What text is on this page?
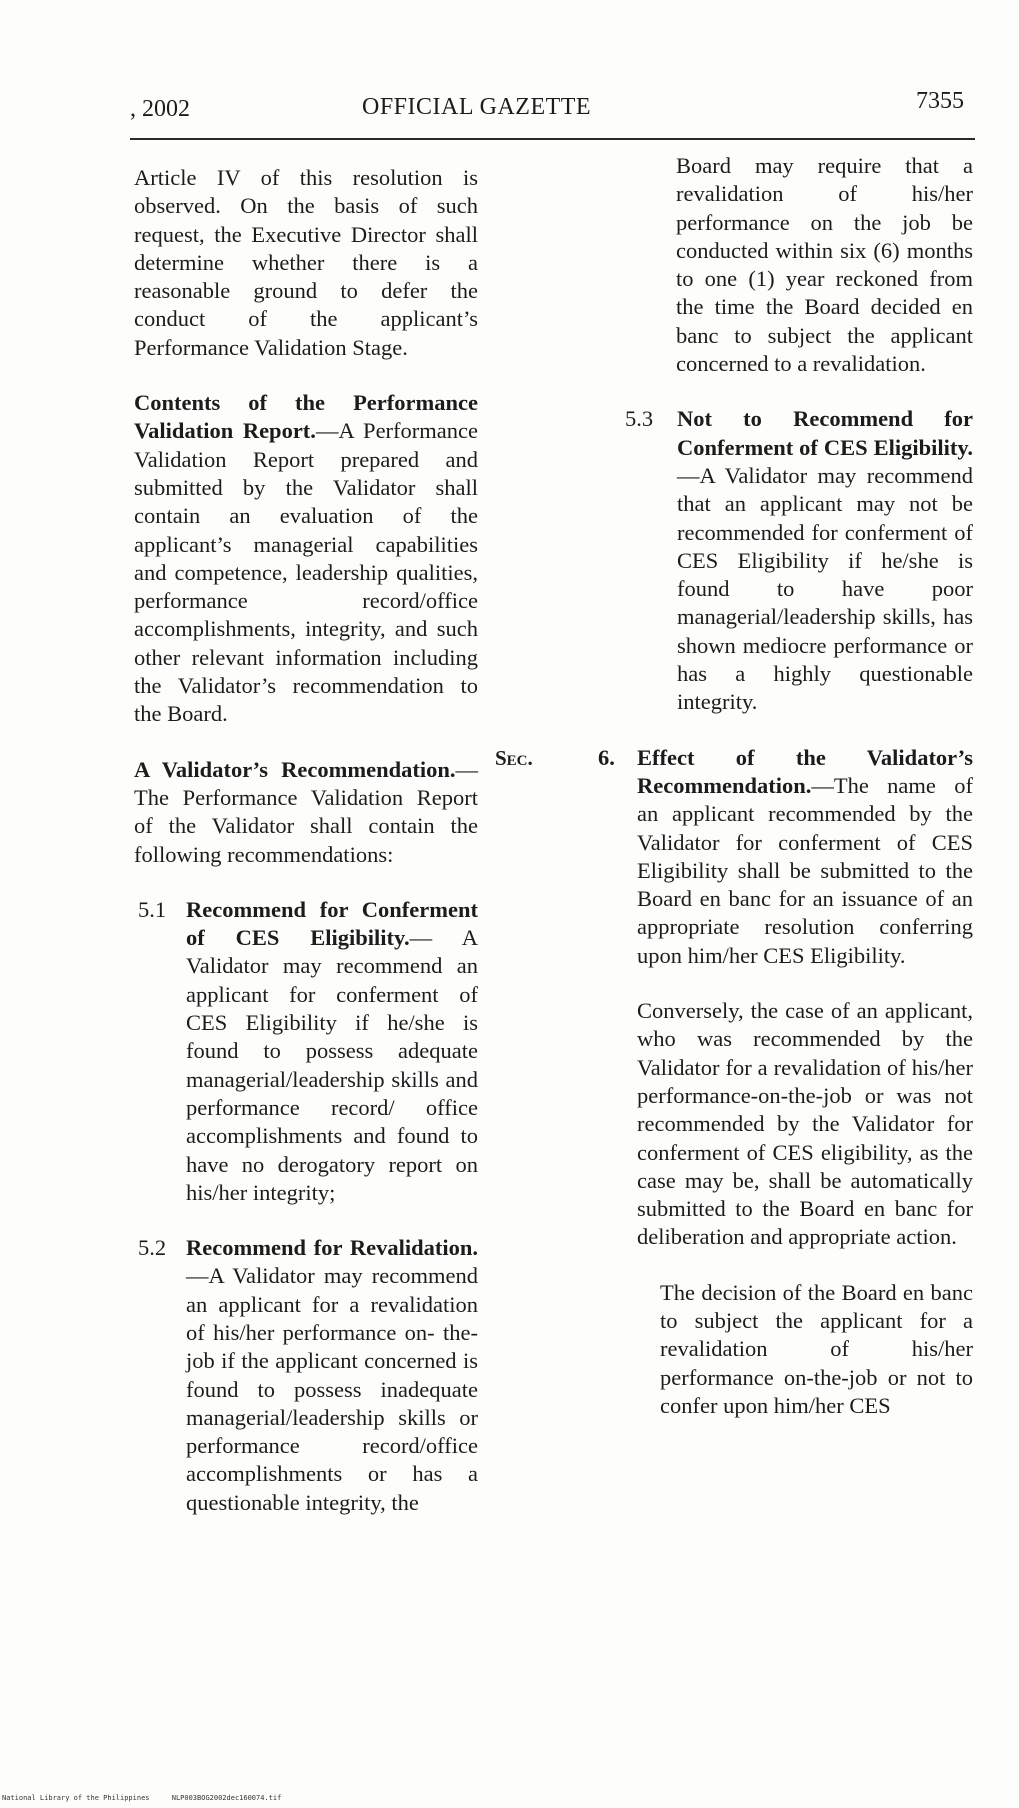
, 2002	OFFICIAL GAZETTE	7355

Article IV of this resolution is observed. On the basis of such request, the Executive Director shall determine whether there is a reasonable ground to defer the conduct of the applicant’s Performance Validation Stage.

Contents of the Performance Validation Report.—A Performance Validation Report prepared and submitted by the Validator shall contain an evaluation of the applicant’s managerial capabilities and competence, leadership qualities, performance record/office accomplishments, integrity, and such other relevant information including the Validator’s recommendation to the Board.

A Validator’s Recommendation.—The Performance Validation Report of the Validator shall contain the following recommendations:

5.1 Recommend for Conferment of CES Eligibility.— A Validator may recommend an applicant for conferment of CES Eligibility if he/she is found to possess adequate managerial/leadership skills and performance record/ office accomplishments and found to have no derogatory report on his/her integrity;

5.2 Recommend for Revalidation.—A Validator may recommend an applicant for a revalidation of his/her performance on- the-job if the applicant concerned is found to possess inadequate managerial/leadership skills or performance record/office accomplishments or has a questionable integrity, the

Board may require that a revalidation of his/her performance on the job be conducted within six (6) months to one (1) year reckoned from the time the Board decided en banc to subject the applicant concerned to a revalidation.

5.3 Not to Recommend for Conferment of CES Eligibility.—A Validator may recommend that an applicant may not be recommended for conferment of CES Eligibility if he/she is found to have poor managerial/leadership skills, has shown mediocre performance or has a highly questionable integrity.

Sec.	6. Effect of the Validator’s Recommendation.—The name of an applicant recommended by the Validator for conferment of CES Eligibility shall be submitted to the Board en banc for an issuance of an appropriate resolution conferring upon him/her CES Eligibility.

Conversely, the case of an applicant, who was recommended by the Validator for a revalidation of his/her performance-on-the-job or was not recommended by the Validator for conferment of CES eligibility, as the case may be, shall be automatically submitted to the Board en banc for deliberation and appropriate action.

The decision of the Board en banc to subject the applicant for a revalidation of his/her performance on-the-job or not to confer upon him/her CES

National Library of the Philippines	NLP003BOG2002dec160074.tif
